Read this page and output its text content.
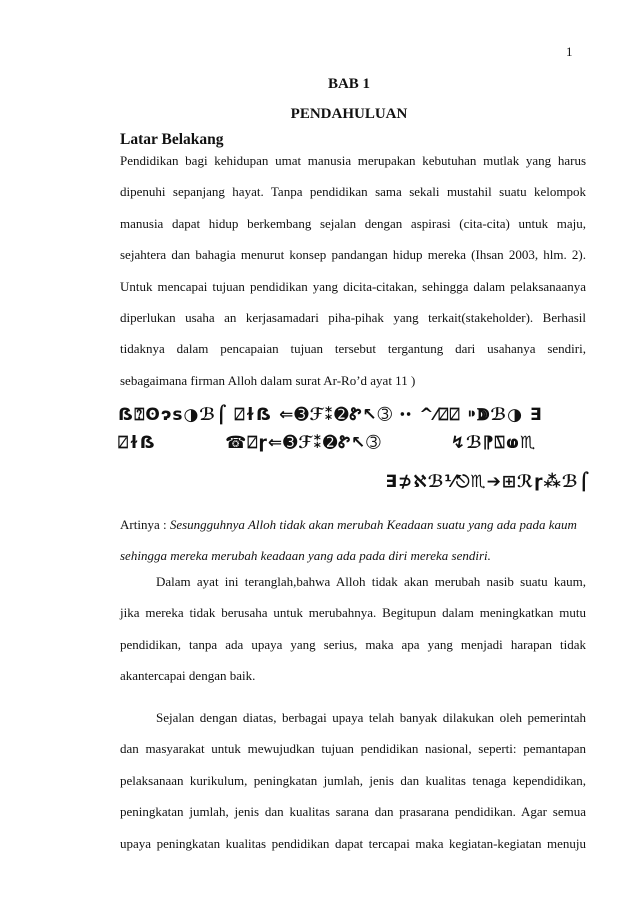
1
BAB 1
PENDAHULUAN
Latar Belakang

Pendidikan bagi kehidupan umat manusia merupakan kebutuhan mutlak yang harus
dipenuhi sepanjang hayat. Tanpa pendidikan sama sekali mustahil suatu kelompok
manusia dapat hidup berkembang sejalan dengan aspirasi (cita-cita) untuk maju,
sejahtera dan bahagia menurut konsep pandangan hidup mereka (Ihsan 2003, hlm. 2).
Untuk mencapai tujuan pendidikan yang dicita-citakan, sehingga dalam pelaksanaanya
diperlukan usaha an kerjasamadari piha-pihak yang terkait(stakeholder). Berhasil
tidaknya dalam pencapaian tujuan tersebut tergantung dari usahanya sendiri,
sebagaimana firman Alloh dalam surat Ar-Ro’d ayat 11 )

ẞ⍰ʘɂs◑ℬ⌠ ⍁ɫẞ ⇐➌ℱ⁑➋Ꮡ↖➂ ꞏꞏ ^⁄⍁⍁ ⁍ↇℬ◑ ∃
⍁ɫẞ          ☎⍁ɼ⇐➌ℱ⁑➋Ꮡ↖➂          ↯ℬ⁋⍂ⱷ♏
∃⊅ℵℬ⅟⎋♏➔⊞ℛɼ⁂ℬ⌠
Artinya : Sesungguhnya Alloh tidak akan merubah Keadaan suatu yang ada pada kaum
sehingga mereka merubah keadaan yang ada pada diri mereka sendiri.

Dalam ayat ini teranglah,bahwa Alloh tidak akan merubah nasib suatu kaum,
jika mereka tidak berusaha untuk merubahnya. Begitupun dalam meningkatkan mutu
pendidikan, tanpa ada upaya yang serius, maka apa yang menjadi harapan tidak
akantercapai dengan baik.

Sejalan dengan diatas, berbagai upaya telah banyak dilakukan oleh pemerintah
dan masyarakat untuk mewujudkan tujuan pendidikan nasional, seperti: pemantapan
pelaksanaan kurikulum, peningkatan jumlah, jenis dan kualitas tenaga kependidikan,
peningkatan jumlah, jenis dan kualitas sarana dan prasarana pendidikan. Agar semua
upaya peningkatan kualitas pendidikan dapat tercapai maka kegiatan-kegiatan menuju
